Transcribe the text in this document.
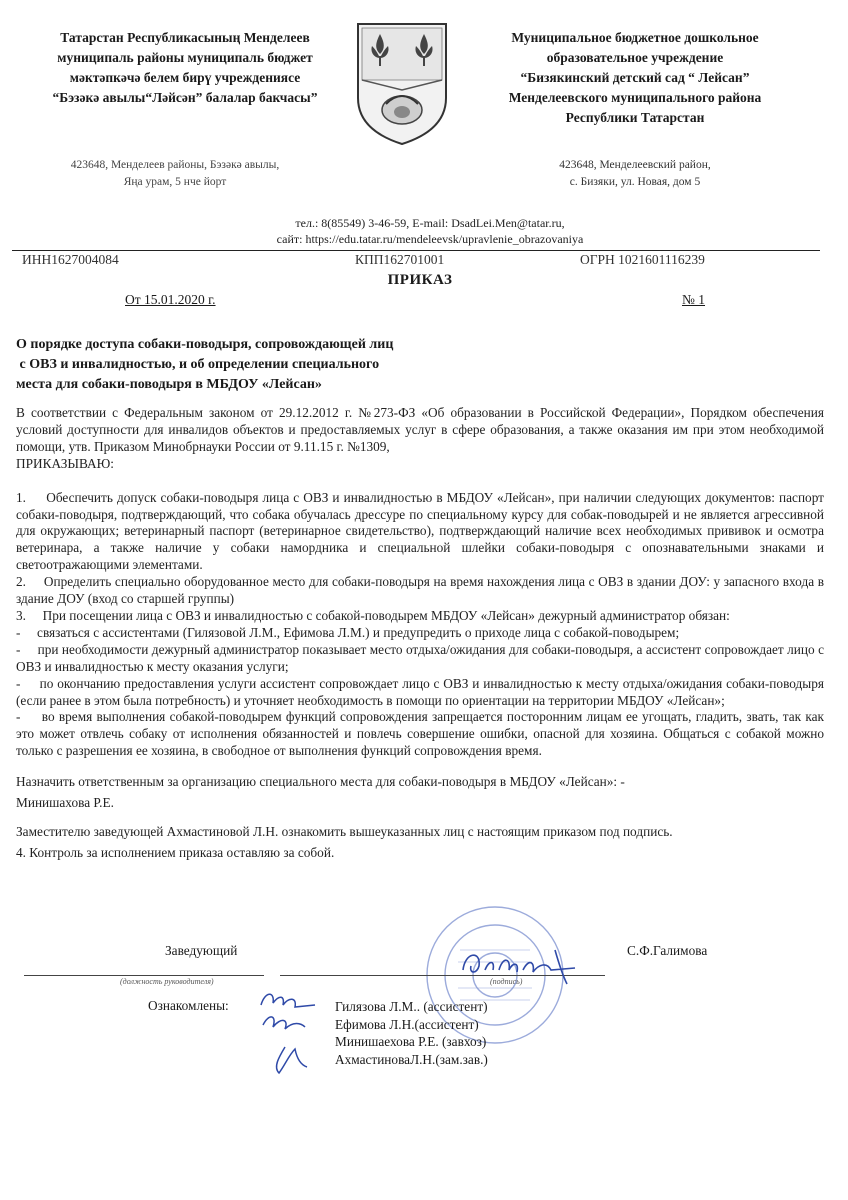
Татарстан Республикасының Менделеев
муниципаль районы муниципаль бюджет
мәктәпкәчә белем бирү учреждениясе
“Бэзәкә авылы“Ләйсән” балалар бакчасы”
Муниципальное бюджетное дошкольное
образовательное учреждение
“Бизякинский детский сад “ Лейсан”
Менделеевского муниципального района
Республики Татарстан
423648, Менделеев районы, Бэзәкә авылы,
Яңа урам, 5 нче йорт
423648, Менделеевский район,
с. Бизяки, ул. Новая, дом 5
тел.: 8(85549) 3-46-59, E-mail: DsadLei.Men@tatar.ru,
сайт: https://edu.tatar.ru/mendeleevsk/upravlenie_obrazovaniya
ИНН1627004084	КПП162701001	ОГРН 1021601116239
ПРИКАЗ
От 15.01.2020 г.	№ 1
О порядке доступа собаки-поводыря, сопровождающей лиц
с ОВЗ и инвалидностью, и об определении специального
места для собаки-поводыря в МБДОУ «Лейсан»

В соответствии с Федеральным законом от 29.12.2012 г. №273-ФЗ «Об образовании в Российской Федерации», Порядком обеспечения условий доступности для инвалидов объектов и предоставляемых услуг в сфере образования, а также оказания им при этом необходимой помощи, утв. Приказом Минобрнауки России от 9.11.15 г. №1309,

ПРИКАЗЫВАЮ:

1.     Обеспечить допуск собаки-поводыря лица с ОВЗ и инвалидностью в МБДОУ «Лейсан», при наличии следующих документов: паспорт собаки-поводыря, подтверждающий, что собака обучалась дрессуре по специальному курсу для собак-поводырей и не является агрессивной для окружающих; ветеринарный паспорт (ветеринарное свидетельство), подтверждающий наличие всех необходимых прививок и осмотра ветеринара, а также наличие у собаки намордника и специальной шлейки собаки-поводыря с опознавательными знаками и светоотражающими элементами.

2.     Определить специально оборудованное место для собаки-поводыря на время нахождения лица с ОВЗ в здании ДОУ: у запасного входа в здание ДОУ (вход со старшей группы)

3.     При посещении лица с ОВЗ и инвалидностью с собакой-поводырем МБДОУ «Лейсан» дежурный администратор обязан:

-     связаться с ассистентами (Гилязовой Л.М., Ефимова Л.М.) и предупредить о приходе лица с собакой-поводырем;

-     при необходимости дежурный администратор показывает место отдыха/ожидания для собаки-поводыря, а ассистент сопровождает лицо с ОВЗ и инвалидностью к месту оказания услуги;

-     по окончанию предоставления услуги ассистент сопровождает лицо с ОВЗ и инвалидностью к месту отдыха/ожидания собаки-поводыря (если ранее в этом была потребность) и уточняет необходимость в помощи по ориентации на территории МБДОУ «Лейсан»;

-     во время выполнения собакой-поводырем функций сопровождения запрещается посторонним лицам ее угощать, гладить, звать, так как это может отвлечь собаку от исполнения обязанностей и повлечь совершение ошибки, опасной для хозяина. Общаться с собакой можно только с разрешения ее хозяина, в свободное от выполнения функций сопровождения время.

Назначить ответственным за организацию специального места для собаки-поводыря в МБДОУ «Лейсан»: -

Минишахова Р.Е.

Заместителю заведующей Ахмастиновой Л.Н. ознакомить вышеуказанных лиц с настоящим приказом под подпись.

4. Контроль за исполнением приказа оставляю за собой.

Заведующий	С.Ф.Галимова
(должность руководителя)	(подпись)
Ознакомлены:	Гилязова Л.М.. (ассистент)
Ефимова Л.Н.(ассистент)
Минишаехова Р.Е. (завхоз)
АхмастиноваЛ.Н.(зам.зав.)
